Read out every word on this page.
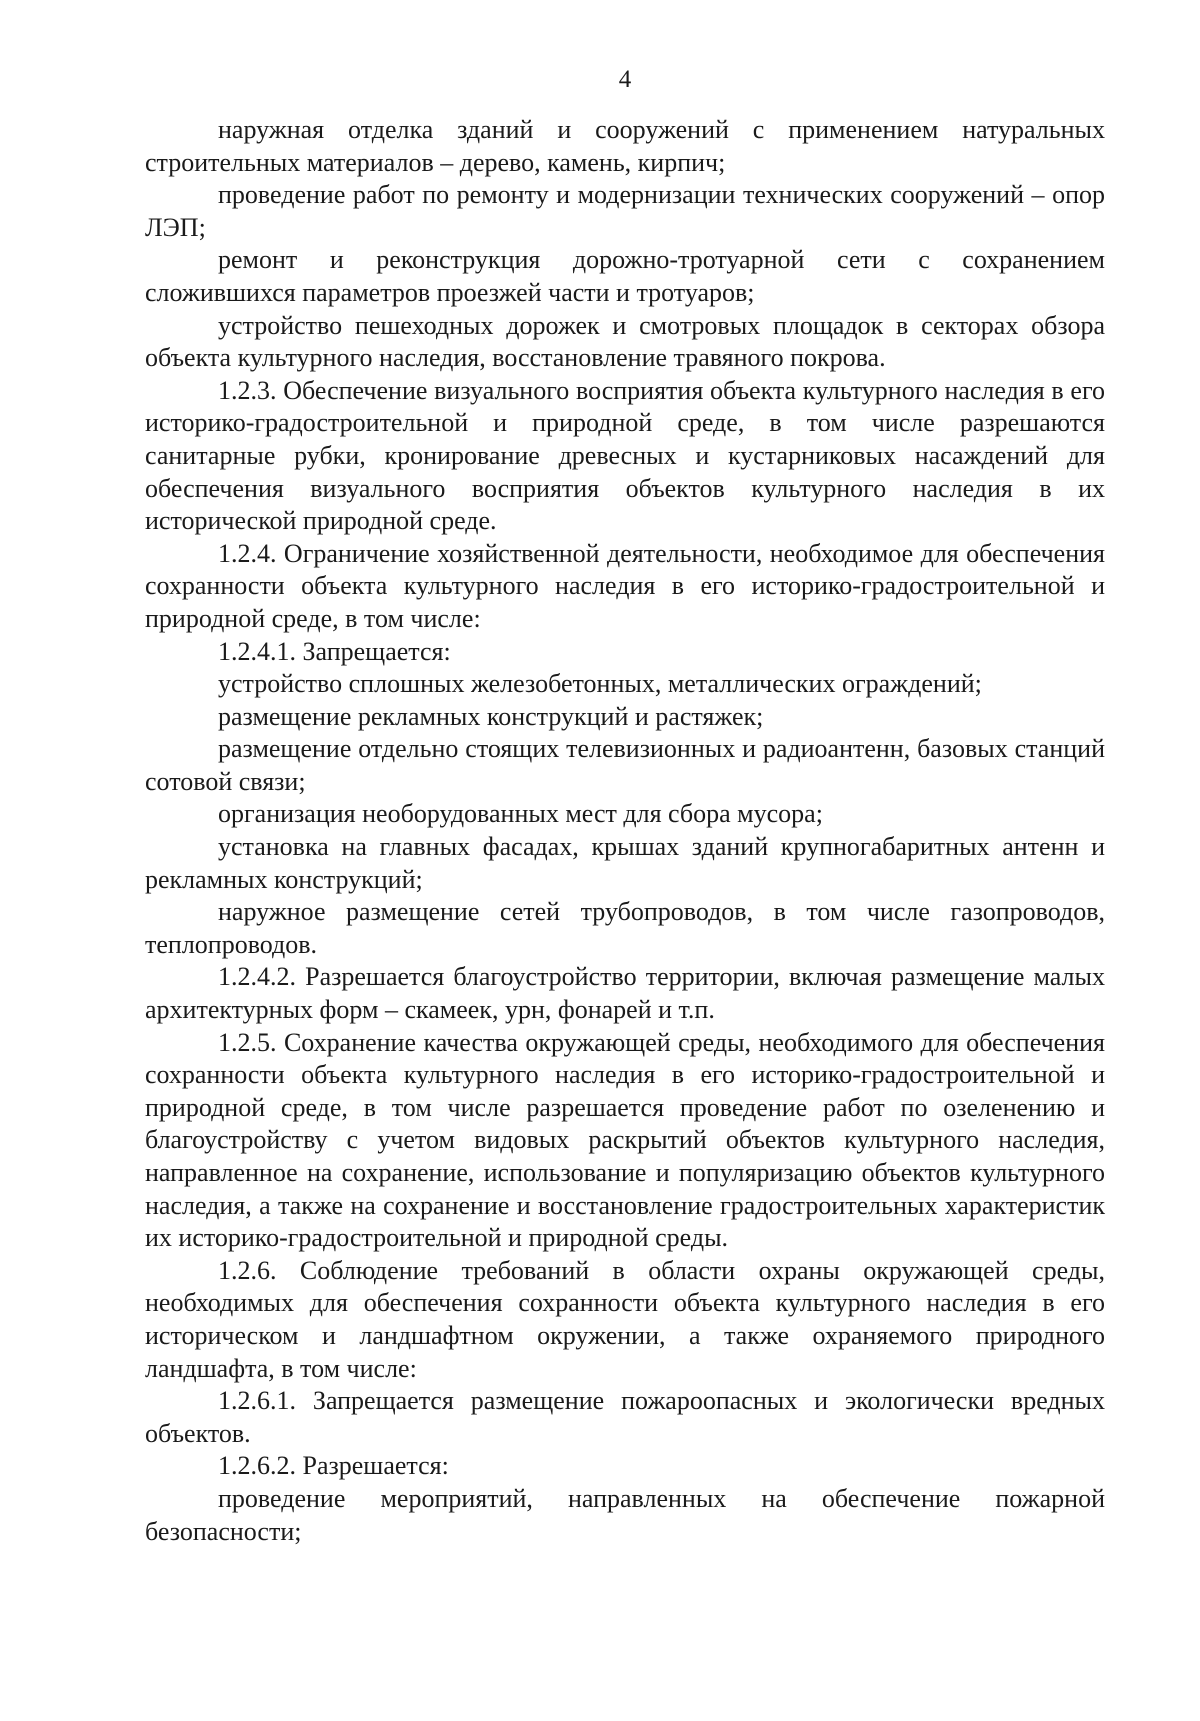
4

наружная отделка зданий и сооружений с применением натуральных строительных материалов – дерево, камень, кирпич;

проведение работ по ремонту и модернизации технических сооружений – опор ЛЭП;

ремонт и реконструкция дорожно-тротуарной сети с сохранением сложившихся параметров проезжей части и тротуаров;

устройство пешеходных дорожек и смотровых площадок в секторах обзора объекта культурного наследия, восстановление травяного покрова.

1.2.3. Обеспечение визуального восприятия объекта культурного наследия в его историко-градостроительной и природной среде, в том числе разрешаются санитарные рубки, кронирование древесных и кустарниковых насаждений для обеспечения визуального восприятия объектов культурного наследия в их исторической природной среде.

1.2.4. Ограничение хозяйственной деятельности, необходимое для обеспечения сохранности объекта культурного наследия в его историко-градостроительной и природной среде, в том числе:

1.2.4.1. Запрещается:

устройство сплошных железобетонных, металлических ограждений;

размещение рекламных конструкций и растяжек;

размещение отдельно стоящих телевизионных и радиоантенн, базовых станций сотовой связи;

организация необорудованных мест для сбора мусора;

установка на главных фасадах, крышах зданий крупногабаритных антенн и рекламных конструкций;

наружное размещение сетей трубопроводов, в том числе газопроводов, теплопроводов.

1.2.4.2. Разрешается благоустройство территории, включая размещение малых архитектурных форм – скамеек, урн, фонарей и т.п.

1.2.5. Сохранение качества окружающей среды, необходимого для обеспечения сохранности объекта культурного наследия в его историко-градостроительной и природной среде, в том числе разрешается проведение работ по озеленению и благоустройству с учетом видовых раскрытий объектов культурного наследия, направленное на сохранение, использование и популяризацию объектов культурного наследия, а также на сохранение и восстановление градостроительных характеристик их историко-градостроительной и природной среды.

1.2.6. Соблюдение требований в области охраны окружающей среды, необходимых для обеспечения сохранности объекта культурного наследия в его историческом и ландшафтном окружении, а также охраняемого природного ландшафта, в том числе:

1.2.6.1. Запрещается размещение пожароопасных и экологически вредных объектов.

1.2.6.2. Разрешается:

проведение мероприятий, направленных на обеспечение пожарной безопасности;
